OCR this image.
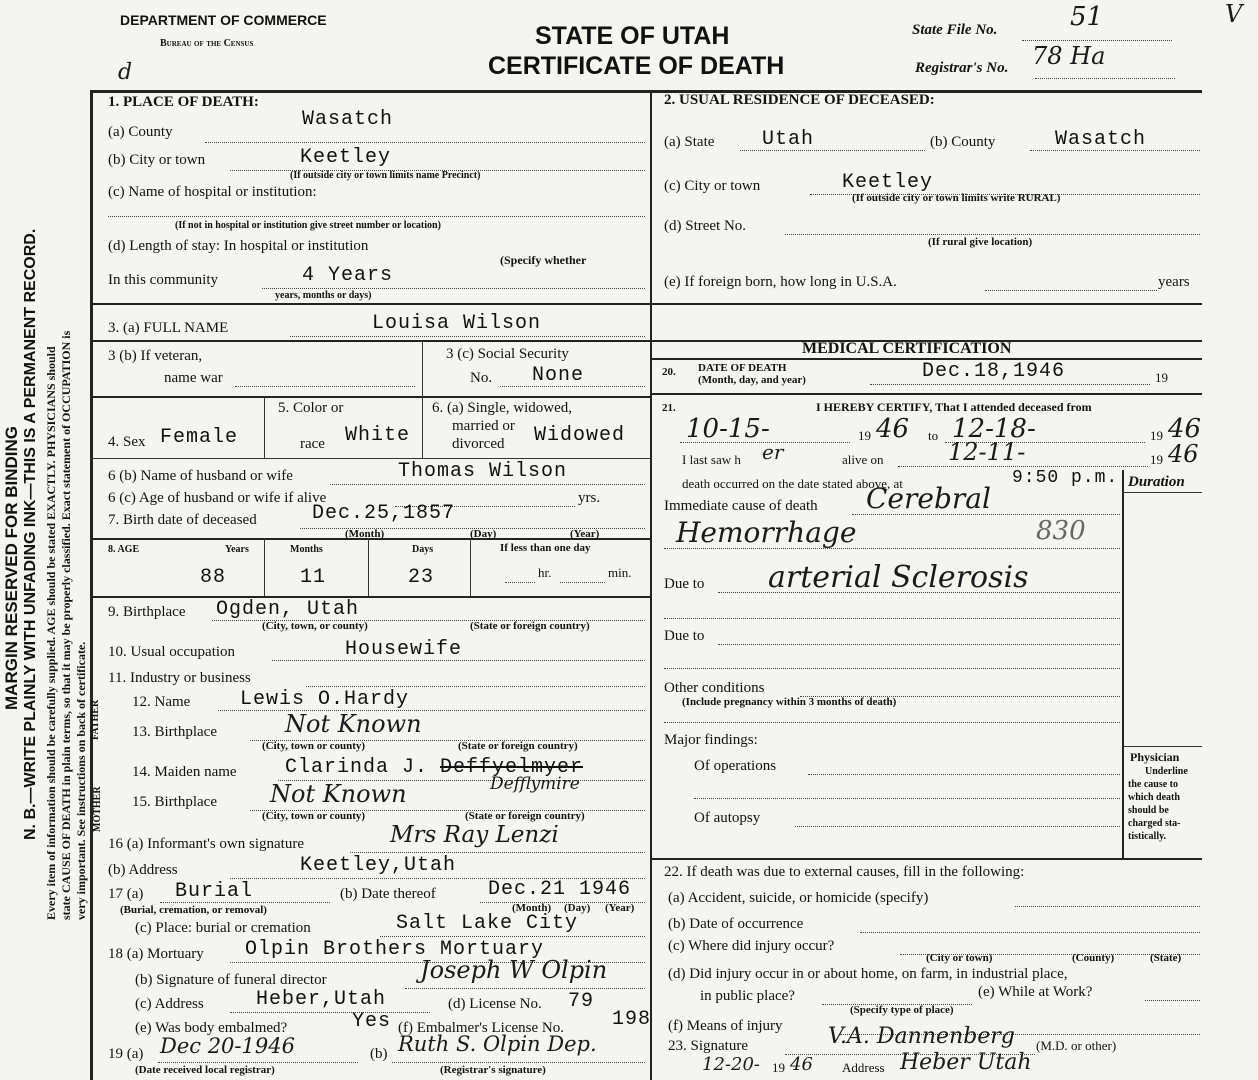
MARGIN RESERVED FOR BINDING N. B.—WRITE PLAINLY WITH UNFADING INK—THIS IS A PERMANENT RECORD. Every item of information should be carefully supplied. AGE should be stated EXACTLY. PHYSICIANS should state CAUSE OF DEATH in plain terms, so that it may be properly classified. Exact statement of OCCUPATION is very important. See instructions on back of certificate.
DEPARTMENT OF COMMERCE
Bureau of the Census
d
STATE OF UTAH
CERTIFICATE OF DEATH
State File No.	51
Registrar's No. 78 Ha
V
1. PLACE OF DEATH:
(a) County
Wasatch
(b) City or town	Keetley
(If outside city or town limits name Precinct)
(c) Name of hospital or institution:
(If not in hospital or institution give street number or location)
(d) Length of stay: In hospital or institution
(Specify whether
In this community	4 Years
years, months or days)
2. USUAL RESIDENCE OF DECEASED:
(a) State Utah	(b) County	Wasatch
(c) City or town	Keetley
(If outside city or town limits write RURAL)
(d) Street No.
(If rural give location)
(e) If foreign born, how long in U.S.A.	years
3. (a) FULL NAME	Louisa Wilson
3 (b) If veteran,
name war
3 (c) Social Security
No. None
4. Sex Female
5. Color or
race White
6. (a) Single, widowed,
married or
divorced Widowed
6 (b) Name of husband or wife	Thomas Wilson
6 (c) Age of husband or wife if alive	yrs.
7. Birth date of deceased	Dec.25,1857
(Month)	(Day)	(Year)
8. AGE	Years	Months	Days	If less than one day
88	11	23	hr.	min.
9. Birthplace Ogden, Utah
(City, town, or county)	(State or foreign country)
10. Usual occupation	Housewife
11. Industry or business
FATHER
MOTHER
12. Name Lewis O.Hardy
13. Birthplace	Not Known
(City, town or county)	(State or foreign country)
14. Maiden name Clarinda J. Deffyelmyer
Defflymire
15. Birthplace Not Known
(City, town or county)	(State or foreign country)
16 (a) Informant's own signature	Mrs Ray Lenzi
(b) Address	Keetley,Utah
17 (a) Burial
(Burial, cremation, or removal)
(b) Date thereof	Dec.21 1946
(Month) (Day) (Year)
(c) Place: burial or cremation	Salt Lake City
18 (a) Mortuary Olpin Brothers Mortuary
(b) Signature of funeral director	Joseph W Olpin
(c) Address	Heber,Utah	(d) License No. 79
(e) Was body embalmed?	Yes (f) Embalmer's License No. 198
19 (a) Dec 20-1946
(Date received local registrar)
(b) Ruth S. Olpin Dep.
(Registrar's signature)
MEDICAL CERTIFICATION
20. DATE OF DEATH
(Month, day, and year)	Dec.18,1946	19
21.	I HEREBY CERTIFY, That I attended deceased from
10-15-	19 46 to 12-18-	19 46
I last saw h er	alive on	12-11-	19 46
death occurred on the date stated above, at	9:50 p.m. Duration
Immediate cause of death Cerebral
Hemorrhage	830
Due to arterial Sclerosis
Due to
Other conditions
(Include pregnancy within 3 months of death)
Major findings:
Of operations
Of autopsy
Physician
Underline
the cause to
which death
should be
charged sta-
tistically.
22. If death was due to external causes, fill in the following:
(a) Accident, suicide, or homicide (specify)
(b) Date of occurrence
(c) Where did injury occur?
(City or town)	(County)	(State)
(d) Did injury occur in or about home, on farm, in industrial place,
in public place?	(e) While at Work?
(Specify type of place)
(f) Means of injury
23. Signature	V.A. Dannenberg (M.D. or other)
12-20- 19 46 Address Heber Utah
